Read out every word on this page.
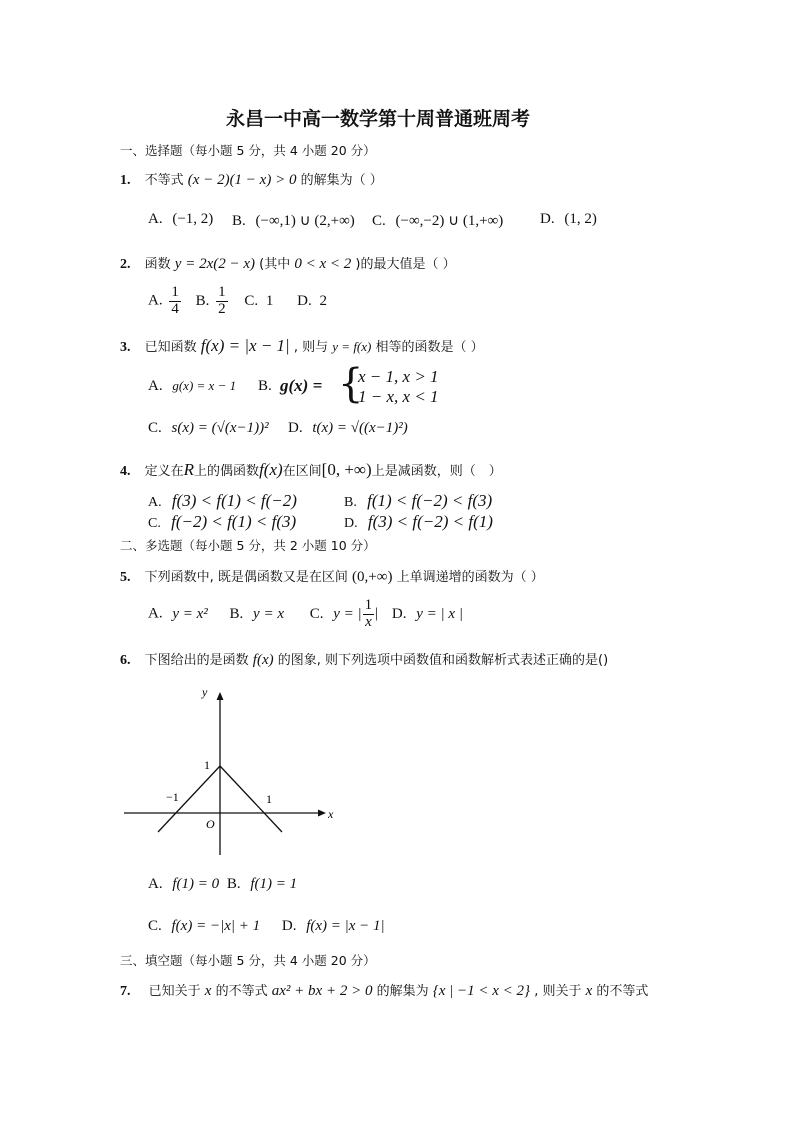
永昌一中高一数学第十周普通班周考
一、选择题（每小题 5 分，共 4 小题 20 分）
1. 不等式 (x − 2)(1 − x) > 0 的解集为（ ）
A. (−1, 2) B. (−∞,1) ∪ (2,+∞) C. (−∞,−2) ∪ (1,+∞) D. (1, 2)
2. 函数 y = 2x(2 − x) (其中 0 < x < 2 )的最大值是（ ）
A. $\frac{1}{4} B$. $\frac{1}{2} C$. 1 D. 2
3. 已知函数 f(x) = |x − 1| , 则与 y = f(x) 相等的函数是（ ）
A. g(x) = x − 1 B. g(x) = {
x − 1, x > 1
1 − x, x < 1
C. s(x) = (√(x−1))² D. t(x) = √((x−1)²)
4. 定义在R上的偶函数f(x)在区间[0, +∞)上是减函数，则（　）
A. f(3) < f(1) < f(−2)	B. f(1) < f(−2) < f(3)
C. f(−2) < f(1) < f(3)	D. f(3) < f(−2) < f(1)
二、多选题（每小题 5 分，共 2 小题 10 分）
5. 下列函数中, 既是偶函数又是在区间 (0,+∞) 上单调递增的函数为（ ）
A. y = x² B. y = x C. y = | $\frac{1}{x}$ | D. y = | x |
6. 下图给出的是函数 f(x) 的图象, 则下列选项中函数值和函数解析式表述正确的是()
y
x
O
1
−1	1
A. f(1) = 0 B. f(1) = 1
C. f(x) = −|x| + 1 D. f(x) = |x − 1|
三、填空题（每小题 5 分，共 4 小题 20 分）
7. 已知关于 x 的不等式 ax² + bx + 2 > 0 的解集为 {x | −1 < x < 2} , 则关于 x 的不等式
